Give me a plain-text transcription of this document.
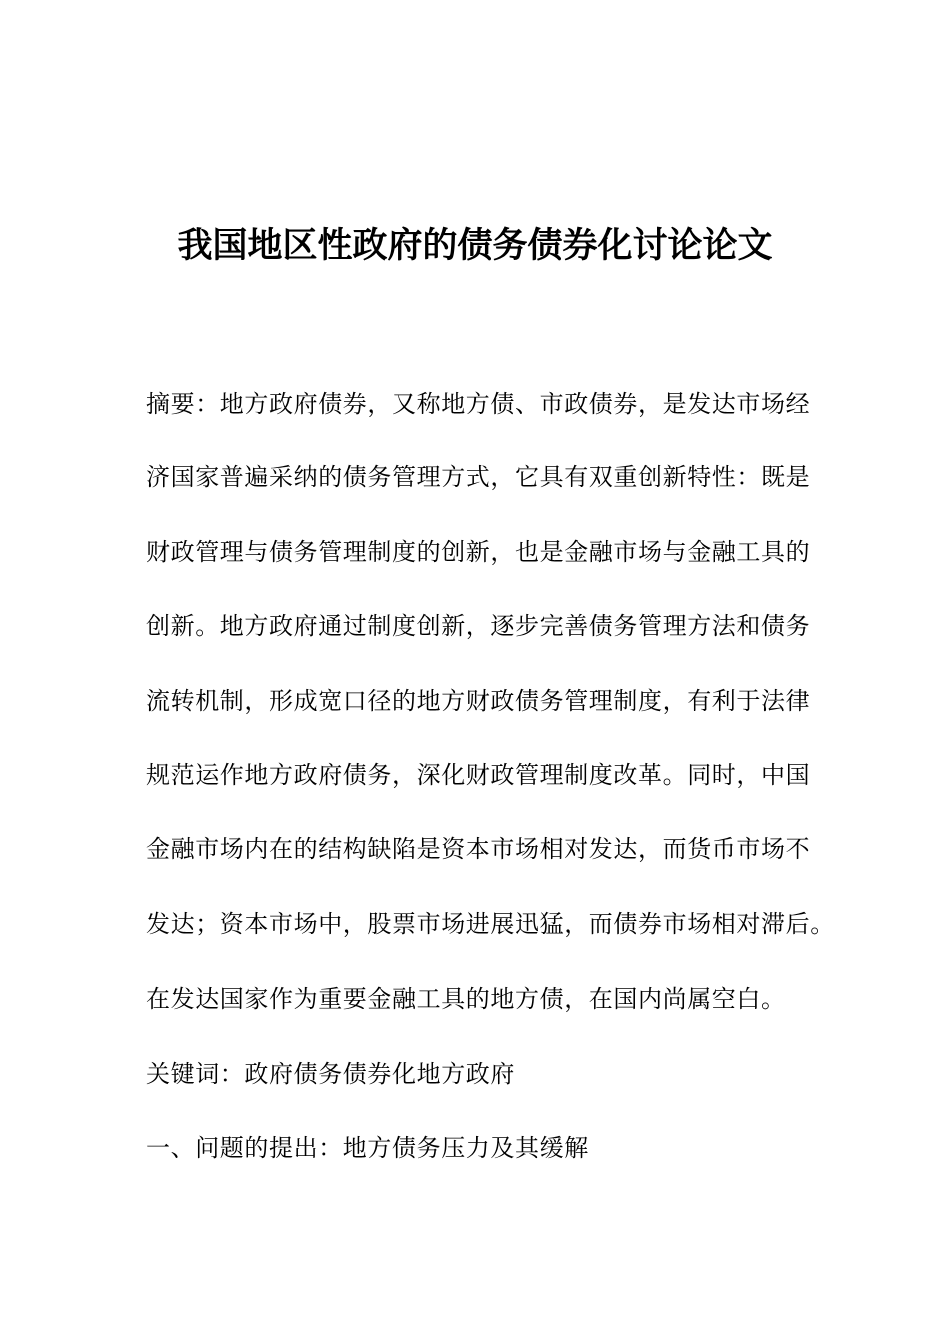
我国地区性政府的债务债券化讨论论文

摘要：地方政府债券，又称地方债、市政债券，是发达市场经

济国家普遍采纳的债务管理方式，它具有双重创新特性：既是

财政管理与债务管理制度的创新，也是金融市场与金融工具的

创新。地方政府通过制度创新，逐步完善债务管理方法和债务

流转机制，形成宽口径的地方财政债务管理制度，有利于法律

规范运作地方政府债务，深化财政管理制度改革。同时，中国

金融市场内在的结构缺陷是资本市场相对发达，而货币市场不

发达；资本市场中，股票市场进展迅猛，而债券市场相对滞后。

在发达国家作为重要金融工具的地方债，在国内尚属空白。

关键词：政府债务债券化地方政府

一、问题的提出：地方债务压力及其缓解
